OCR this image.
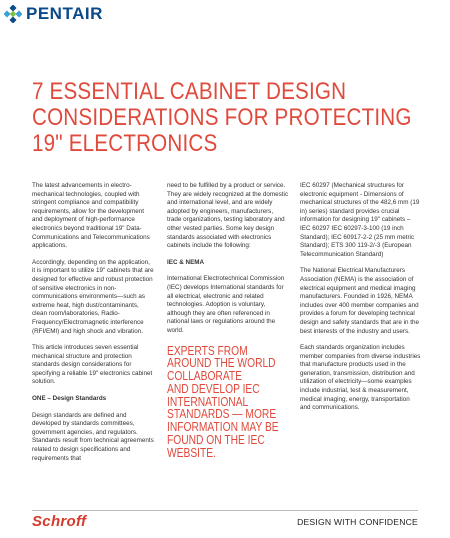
PENTAIR
7 ESSENTIAL CABINET DESIGN
CONSIDERATIONS FOR PROTECTING
19" ELECTRONICS

The latest advancements in electro-mechanical technologies, coupled with stringent compliance and compatibility requirements, allow for the development and deployment of high-performance electronics beyond traditional 19" Data-Communications and Telecommunications applications.

Accordingly, depending on the application, it is important to utilize 19" cabinets that are designed for effective and robust protection of sensitive electronics in non-communications environments—such as extreme heat, high dust/contaminants, clean room/laboratories, Radio-Frequency/Electromagnetic interference (RFI/EMI) and high shock and vibration.

This article introduces seven essential mechanical structure and protection standards design considerations for specifying a reliable 19" electronics cabinet solution.

ONE – Design Standards

Design standards are defined and developed by standards committees, government agencies, and regulators. Standards result from technical agreements related to design specifications and requirements that

need to be fulfilled by a product or service. They are widely recognized at the domestic and international level, and are widely adopted by engineers, manufacturers, trade organizations, testing laboratory and other vested parties. Some key design standards associated with electronics cabinets include the following:

IEC & NEMA

International Electrotechnical Commission (IEC) develops International standards for all electrical, electronic and related technologies. Adoption is voluntary, although they are often referenced in national laws or regulations around the world.

EXPERTS FROM
AROUND THE WORLD
COLLABORATE
AND DEVELOP IEC
INTERNATIONAL
STANDARDS — MORE
INFORMATION MAY BE
FOUND ON THE IEC
WEBSITE.

IEC 60297 (Mechanical structures for electronic equipment - Dimensions of mechanical structures of the 482,6 mm (19 in) series) standard provides crucial information for designing 19" cabinets – IEC 60297 IEC 60297-3-100 (19 inch Standard); IEC 60917-2-2 (25 mm metric Standard); ETS 300 119-2/-3 (European Telecommunication Standard)

The National Electrical Manufacturers Association (NEMA) is the association of electrical equipment and medical imaging manufacturers. Founded in 1926, NEMA includes over 400 member companies and provides a forum for developing technical design and safety standards that are in the best interests of the industry and users.

Each standards organization includes member companies from diverse industries that manufacture products used in the generation, transmission, distribution and utilization of electricity—some examples include industrial, test & measurement, medical imaging, energy, transportation and communications.

Schroff	DESIGN WITH CONFIDENCE
